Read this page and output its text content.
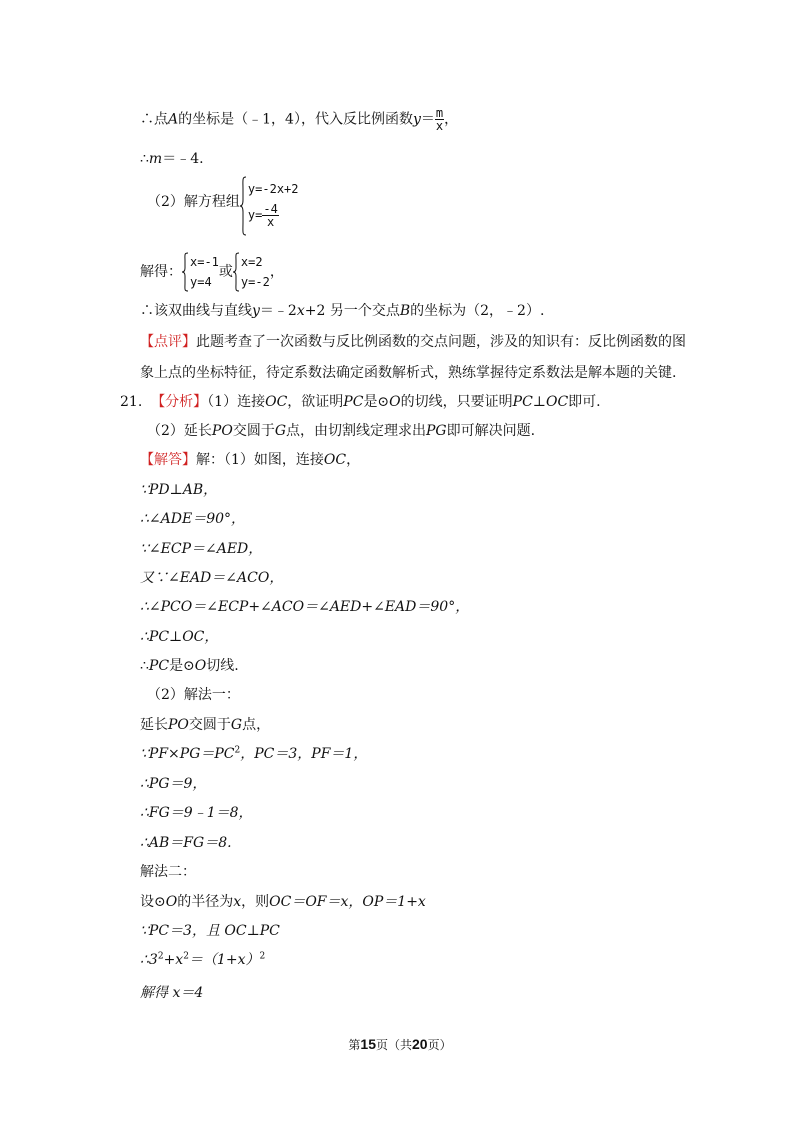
∴点A的坐标是（﹣1，4），代入反比例函数$y= \frac{m}{x}$ ，
∴m＝﹣4.
（2）解方程组
y=-2x+2
$y= \frac{-4}{x}$
解得：
x=-1
y=4
或
x=2
y=-2
，
∴该双曲线与直线y＝﹣2x+2 另一个交点B的坐标为（2，﹣2）.
【点评】此题考查了一次函数与反比例函数的交点问题，涉及的知识有：反比例函数的图
象上点的坐标特征，待定系数法确定函数解析式，熟练掌握待定系数法是解本题的关键.
21. 【分析】（1）连接OC，欲证明PC是⊙O的切线，只要证明PC⊥OC即可.
（2）延长PO交圆于G点，由切割线定理求出PG即可解决问题.
【解答】解：（1）如图，连接OC，
∵PD⊥AB，
∴∠ADE＝90°，
∵∠ECP＝∠AED，
又∵∠EAD＝∠ACO，
∴∠PCO＝∠ECP+∠ACO＝∠AED+∠EAD＝90°，
∴PC⊥OC，
∴PC是⊙O切线.
（2）解法一：
延长PO交圆于G点，
$\because PF\times PG=PC^2$，PC＝3，PF＝1，
∴PG＝9，
∴FG＝9﹣1＝8，
∴AB＝FG＝8.
解法二：
设⊙O的半径为x，则OC＝OF＝x，OP＝1+x
∵PC＝3，且 OC⊥PC
$\therefore 3^2+x^2=(1+x)^2$
解得 x＝4
第15页（共20页）
